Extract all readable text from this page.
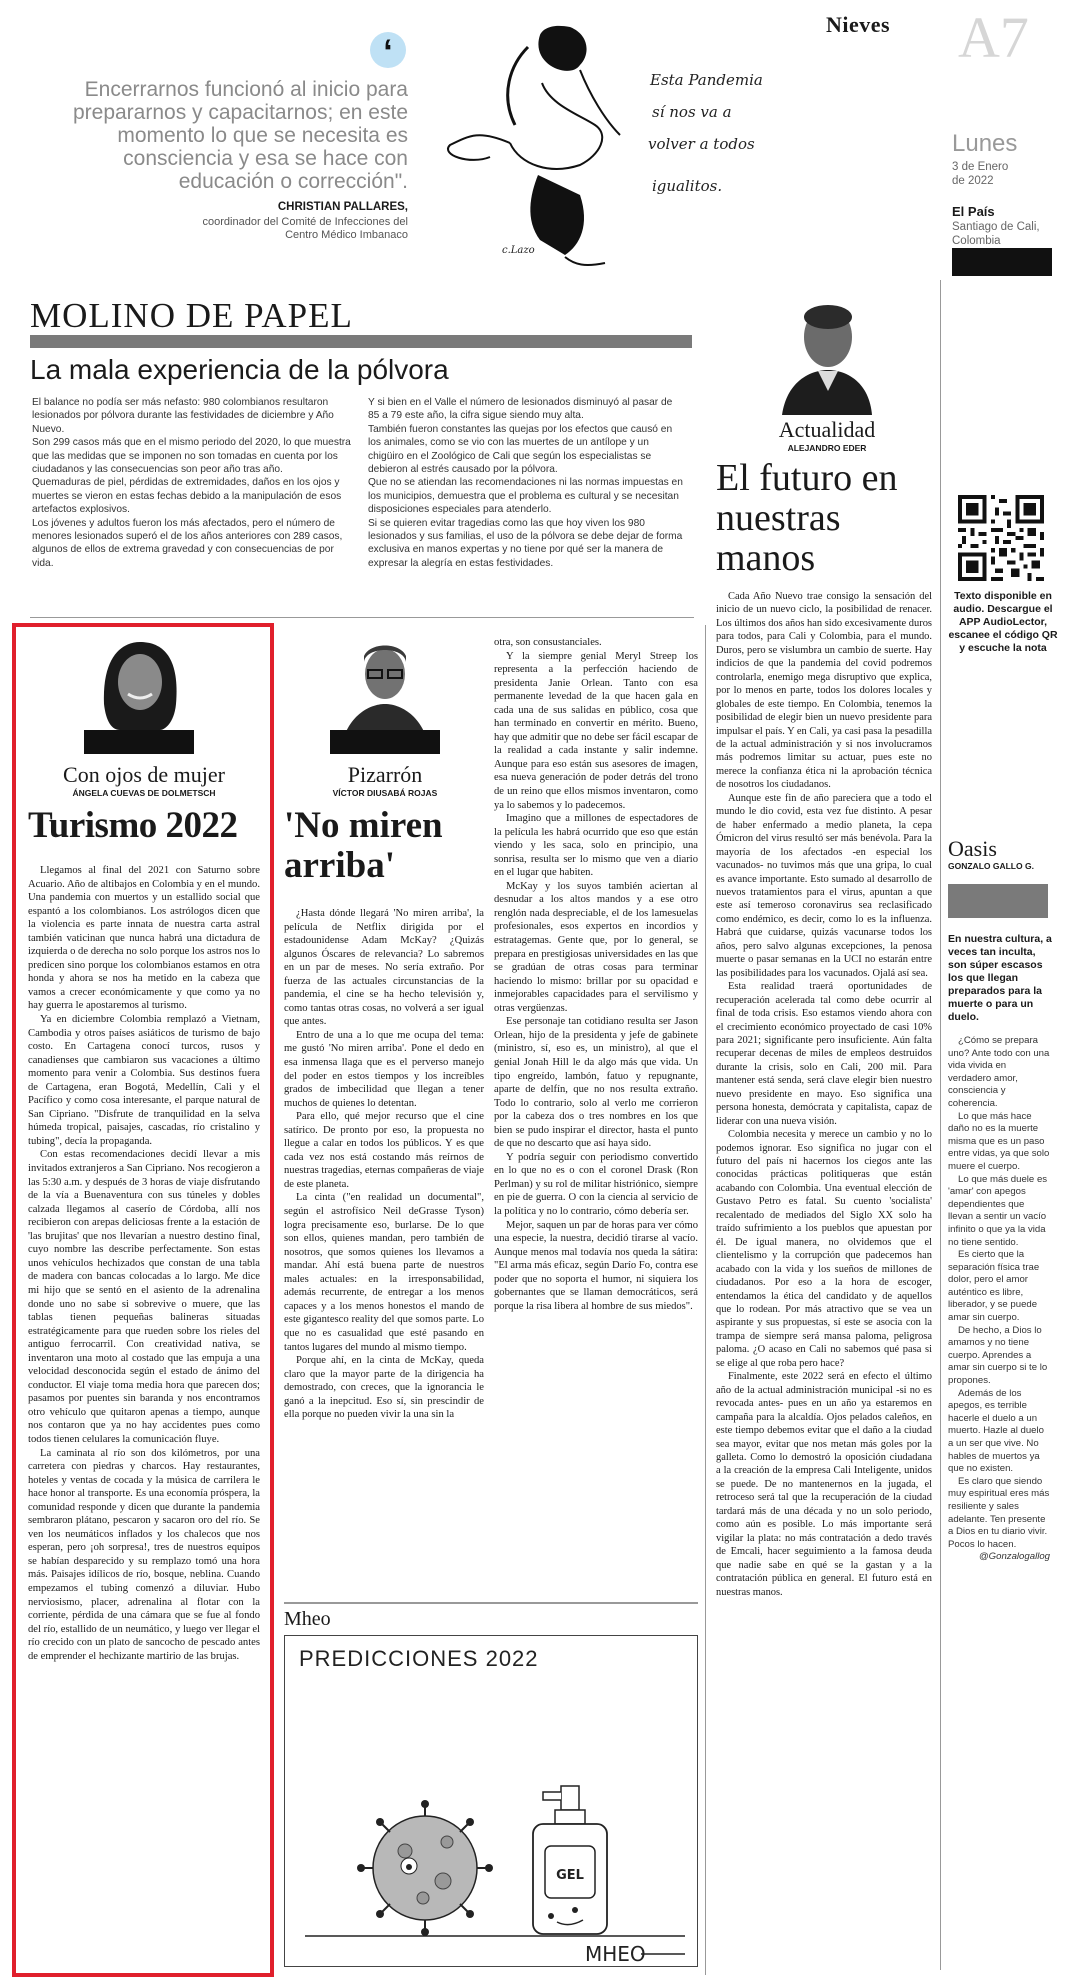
Nieves A7
‘
Encerrarnos funcionó al inicio para prepararnos y capacitarnos; en este momento lo que se necesita es consciencia y esa se hace con educación o corrección".
CHRISTIAN PALLARES,
coordinador del Comité de Infecciones del Centro Médico Imbanaco
Esta Pandemia
sí nos va a
volver a todos
igualitos.
c.Lazo
Lunes
3 de Enero de 2022
El País
Santiago de Cali, Colombia
MOLINO DE PAPEL
La mala experiencia de la pólvora

El balance no podía ser más nefasto: 980 colombianos resultaron lesionados por pólvora durante las festividades de diciembre y Año Nuevo.

Son 299 casos más que en el mismo periodo del 2020, lo que muestra que las medidas que se imponen no son tomadas en cuenta por los ciudadanos y las consecuencias son peor año tras año.

Quemaduras de piel, pérdidas de extremidades, daños en los ojos y muertes se vieron en estas fechas debido a la manipulación de esos artefactos explosivos.

Los jóvenes y adultos fueron los más afectados, pero el número de menores lesionados superó el de los años anteriores con 289 casos, algunos de ellos de extrema gravedad y con consecuencias de por vida.

Y si bien en el Valle el número de lesionados disminuyó al pasar de 85 a 79 este año, la cifra sigue siendo muy alta.

También fueron constantes las quejas por los efectos que causó en los animales, como se vio con las muertes de un antílope y un chigüiro en el Zoológico de Cali que según los especialistas se debieron al estrés causado por la pólvora.

Que no se atiendan las recomendaciones ni las normas impuestas en los municipios, demuestra que el problema es cultural y se necesitan disposiciones especiales para atenderlo.

Si se quieren evitar tragedias como las que hoy viven los 980 lesionados y sus familias, el uso de la pólvora se debe dejar de forma exclusiva en manos expertas y no tiene por qué ser la manera de expresar la alegría en estas festividades.

Actualidad
ALEJANDRO EDER
El futuro en nuestras manos

Cada Año Nuevo trae consigo la sensación del inicio de un nuevo ciclo, la posibilidad de renacer. Los últimos dos años han sido excesivamente duros para todos, para Cali y Colombia, para el mundo. Duros, pero se vislumbra un cambio de suerte. Hay indicios de que la pandemia del covid podremos controlarla, enemigo mega disruptivo que explica, por lo menos en parte, todos los dolores locales y globales de este tiempo. En Colombia, tenemos la posibilidad de elegir bien un nuevo presidente para impulsar el país. Y en Cali, ya casi pasa la pesadilla de la actual administración y si nos involucramos más podremos limitar su actuar, pues este no merece la confianza ética ni la aprobación técnica de nosotros los ciudadanos.

Aunque este fin de año pareciera que a todo el mundo le dio covid, esta vez fue distinto. A pesar de haber enfermado a medio planeta, la cepa Ómicron del virus resultó ser más benévola. Para la mayoría de los afectados -en especial los vacunados- no tuvimos más que una gripa, lo cual es avance importante. Esto sumado al desarrollo de nuevos tratamientos para el virus, apuntan a que este así temeroso coronavirus sea reclasificado como endémico, es decir, como lo es la influenza. Habrá que cuidarse, quizás vacunarse todos los años, pero salvo algunas excepciones, la penosa muerte o pasar semanas en la UCI no estarán entre las posibilidades para los vacunados. Ojalá así sea.

Esta realidad traerá oportunidades de recuperación acelerada tal como debe ocurrir al final de toda crisis. Eso estamos viendo ahora con el crecimiento económico proyectado de casi 10% para 2021; significante pero insuficiente. Aún falta recuperar decenas de miles de empleos destruidos durante la crisis, solo en Cali, 200 mil. Para mantener está senda, será clave elegir bien nuestro nuevo presidente en mayo. Eso significa una persona honesta, demócrata y capitalista, capaz de liderar con una nueva visión.

Colombia necesita y merece un cambio y no lo podemos ignorar. Eso significa no jugar con el futuro del país ni hacernos los ciegos ante las conocidas prácticas politiqueras que están acabando con Colombia. Una eventual elección de Gustavo Petro es fatal. Su cuento 'socialista' recalentado de mediados del Siglo XX solo ha traído sufrimiento a los pueblos que apuestan por él. De igual manera, no olvidemos que el clientelismo y la corrupción que padecemos han acabado con la vida y los sueños de millones de ciudadanos. Por eso a la hora de escoger, entendamos la ética del candidato y de aquellos que lo rodean. Por más atractivo que se vea un aspirante y sus propuestas, sí este se asocia con la trampa de siempre será mansa paloma, peligrosa paloma. ¿O acaso en Cali no sabemos qué pasa si se elige al que roba pero hace?

Finalmente, este 2022 será en efecto el último año de la actual administración municipal -si no es revocada antes- pues en un año ya estaremos en campaña para la alcaldía. Ojos pelados caleños, en este tiempo debemos evitar que el daño a la ciudad sea mayor, evitar que nos metan más goles por la galleta. Como lo demostró la oposición ciudadana a la creación de la empresa Cali Inteligente, unidos se puede. De no mantenernos en la jugada, el retroceso será tal que la recuperación de la ciudad tardará más de una década y no un solo periodo, como aún es posible. Lo más importante será vigilar la plata: no más contratación a dedo través de Emcali, hacer seguimiento a la famosa deuda que nadie sabe en qué se la gastan y a la contratación pública en general. El futuro está en nuestras manos.

Texto disponible en audio. Descargue el APP AudioLector, escanee el código QR y escuche la nota
Oasis
GONZALO GALLO G.
En nuestra cultura, a veces tan inculta, son súper escasos los que llegan preparados para la muerte o para un duelo.

¿Cómo se prepara uno? Ante todo con una vida vivida en verdadero amor, consciencia y coherencia.

Lo que más hace daño no es la muerte misma que es un paso entre vidas, ya que solo muere el cuerpo.

Lo que más duele es 'amar' con apegos dependientes que llevan a sentir un vacío infinito o que ya la vida no tiene sentido.

Es cierto que la separación física trae dolor, pero el amor auténtico es libre, liberador, y se puede amar sin cuerpo.

De hecho, a Dios lo amamos y no tiene cuerpo. Aprendes a amar sin cuerpo si te lo propones.

Además de los apegos, es terrible hacerle el duelo a un muerto. Hazle al duelo a un ser que vive. No hables de muertos ya que no existen.

Es claro que siendo muy espiritual eres más resiliente y sales adelante. Ten presente a Dios en tu diario vivir. Pocos lo hacen.

@Gonzalogallog

Con ojos de mujer
ÁNGELA CUEVAS DE DOLMETSCH
Turismo 2022

Llegamos al final del 2021 con Saturno sobre Acuario. Año de altibajos en Colombia y en el mundo. Una pandemia con muertos y un estallido social que espantó a los colombianos. Los astrólogos dicen que la violencia es parte innata de nuestra carta astral también vaticinan que nunca habrá una dictadura de izquierda o de derecha no solo porque los astros nos lo predicen sino porque los colombianos estamos en otra honda y ahora se nos ha metido en la cabeza que vamos a crecer económicamente y que como ya no hay guerra le apostaremos al turismo.

Ya en diciembre Colombia remplazó a Vietnam, Cambodia y otros países asiáticos de turismo de bajo costo. En Cartagena conocí turcos, rusos y canadienses que cambiaron sus vacaciones a último momento para venir a Colombia. Sus destinos fuera de Cartagena, eran Bogotá, Medellín, Cali y el Pacífico y como cosa interesante, el parque natural de San Cipriano. "Disfrute de tranquilidad en la selva húmeda tropical, paisajes, cascadas, río cristalino y tubing", decía la propaganda.

Con estas recomendaciones decidí llevar a mis invitados extranjeros a San Cipriano. Nos recogieron a las 5:30 a.m. y después de 3 horas de viaje disfrutando de la vía a Buenaventura con sus túneles y dobles calzada llegamos al caserío de Córdoba, allí nos recibieron con arepas deliciosas frente a la estación de 'las brujitas' que nos llevarían a nuestro destino final, cuyo nombre las describe perfectamente. Son estas unos vehículos hechizados que constan de una tabla de madera con bancas colocadas a lo largo. Me dice mi hijo que se sentó en el asiento de la adrenalina donde uno no sabe si sobrevive o muere, que las tablas tienen pequeñas balineras situadas estratégicamente para que rueden sobre los rieles del antiguo ferrocarril. Con creatividad nativa, se inventaron una moto al costado que las empuja a una velocidad desconocida según el estado de ánimo del conductor. El viaje toma media hora que parecen dos; pasamos por puentes sin baranda y nos encontramos otro vehículo que quitaron apenas a tiempo, aunque nos contaron que ya no hay accidentes pues como todos tienen celulares la comunicación fluye.

La caminata al río son dos kilómetros, por una carretera con piedras y charcos. Hay restaurantes, hoteles y ventas de cocada y la música de carrilera le hace honor al transporte. Es una economía próspera, la comunidad responde y dicen que durante la pandemia sembraron plátano, pescaron y sacaron oro del río. Se ven los neumáticos inflados y los chalecos que nos esperan, pero ¡oh sorpresa!, tres de nuestros equipos se habían desparecido y su remplazo tomó una hora más. Paisajes idílicos de río, bosque, neblina. Cuando empezamos el tubing comenzó a diluviar. Hubo nerviosismo, placer, adrenalina al flotar con la corriente, pérdida de una cámara que se fue al fondo del río, estallido de un neumático, y luego ver llegar el río crecido con un plato de sancocho de pescado antes de emprender el hechizante martirio de las brujas.

Pizarrón
VÍCTOR DIUSABÁ ROJAS
'No miren arriba'

¿Hasta dónde llegará 'No miren arriba', la película de Netflix dirigida por el estadounidense Adam McKay? ¿Quizás algunos Óscares de relevancia? Lo sabremos en un par de meses. No sería extraño. Por fuerza de las actuales circunstancias de la pandemia, el cine se ha hecho televisión y, como tantas otras cosas, no volverá a ser igual que antes.

Entro de una a lo que me ocupa del tema: me gustó 'No miren arriba'. Pone el dedo en esa inmensa llaga que es el perverso manejo del poder en estos tiempos y los increíbles grados de imbecilidad que llegan a tener muchos de quienes lo detentan.

Para ello, qué mejor recurso que el cine satírico. De pronto por eso, la propuesta no llegue a calar en todos los públicos. Y es que cada vez nos está costando más reírnos de nuestras tragedias, eternas compañeras de viaje de este planeta.

La cinta ("en realidad un documental", según el astrofísico Neil deGrasse Tyson) logra precisamente eso, burlarse. De lo que son ellos, quienes mandan, pero también de nosotros, que somos quienes los llevamos a mandar. Ahí está buena parte de nuestros males actuales: en la irresponsabilidad, además recurrente, de entregar a los menos capaces y a los menos honestos el mando de este gigantesco reality del que somos parte. Lo que no es casualidad que esté pasando en tantos lugares del mundo al mismo tiempo.

Porque ahí, en la cinta de McKay, queda claro que la mayor parte de la dirigencia ha demostrado, con creces, que la ignorancia le ganó a la inepcitud. Eso sí, sin prescindir de ella porque no pueden vivir la una sin la

otra, son consustanciales.

Y la siempre genial Meryl Streep los representa a la perfección haciendo de presidenta Janie Orlean. Tanto con esa permanente levedad de la que hacen gala en cada una de sus salidas en público, cosa que han terminado en convertir en mérito. Bueno, hay que admitir que no debe ser fácil escapar de la realidad a cada instante y salir indemne. Aunque para eso están sus asesores de imagen, esa nueva generación de poder detrás del trono de un reino que ellos mismos inventaron, como ya lo sabemos y lo padecemos.

Imagino que a millones de espectadores de la película les habrá ocurrido que eso que están viendo y les saca, solo en principio, una sonrisa, resulta ser lo mismo que ven a diario en el lugar que habiten.

McKay y los suyos también aciertan al desnudar a los altos mandos y a ese otro renglón nada despreciable, el de los lamesuelas profesionales, esos expertos en incordios y estratagemas. Gente que, por lo general, se prepara en prestigiosas universidades en las que se gradúan de otras cosas para terminar haciendo lo mismo: brillar por su opacidad e inmejorables capacidades para el servilismo y otras vergüenzas.

Ese personaje tan cotidiano resulta ser Jason Orlean, hijo de la presidenta y jefe de gabinete (ministro, sí, eso es, un ministro), al que el genial Jonah Hill le da algo más que vida. Un tipo engreído, lambón, fatuo y repugnante, aparte de delfín, que no nos resulta extraño. Todo lo contrario, solo al verlo me corrieron por la cabeza dos o tres nombres en los que bien se pudo inspirar el director, hasta el punto de que no descarto que así haya sido.

Y podría seguir con periodismo convertido en lo que no es o con el coronel Drask (Ron Perlman) y su rol de militar histriónico, siempre en pie de guerra. O con la ciencia al servicio de la política y no lo contrario, cómo debería ser.

Mejor, saquen un par de horas para ver cómo una especie, la nuestra, decidió tirarse al vacío. Aunque menos mal todavía nos queda la sátira: "El arma más eficaz, según Darío Fo, contra ese poder que no soporta el humor, ni siquiera los gobernantes que se llaman democráticos, será porque la risa libera al hombre de sus miedos".

Mheo
PREDICCIONES 2022
GEL
MHEO
